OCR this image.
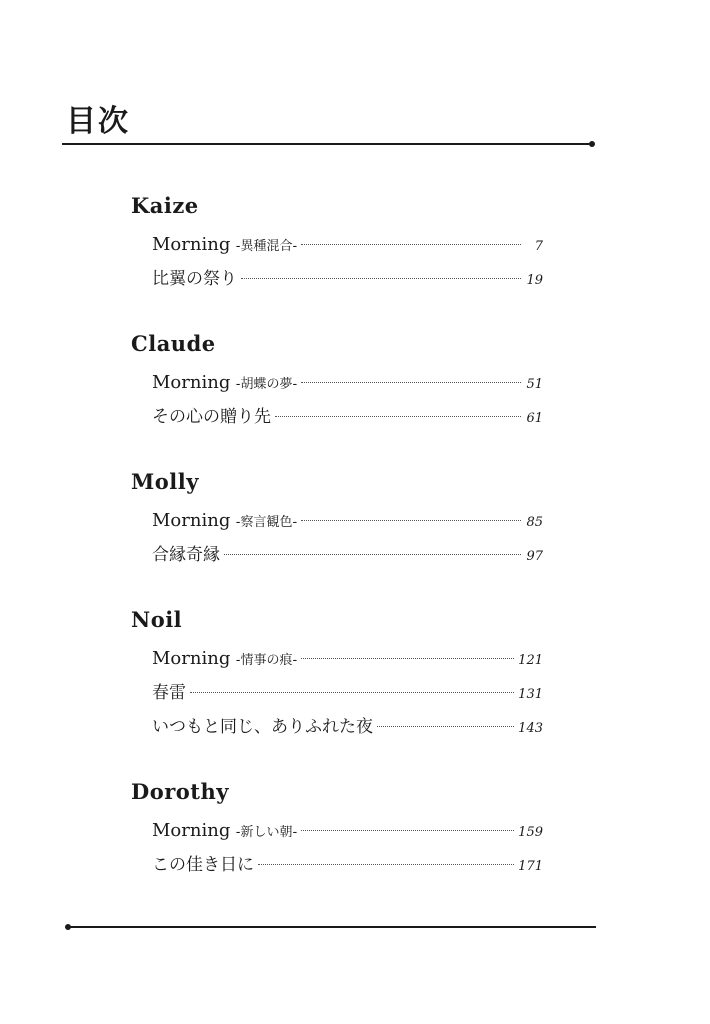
目次
Kaize
Morning -異種混合-	7
比翼の祭り	19
Claude
Morning -胡蝶の夢-	51
その心の贈り先	61
Molly
Morning -察言観色-	85
合縁奇縁	97
Noil
Morning -情事の痕-	121
春雷	131
いつもと同じ、ありふれた夜	143
Dorothy
Morning -新しい朝-	159
この佳き日に	171
